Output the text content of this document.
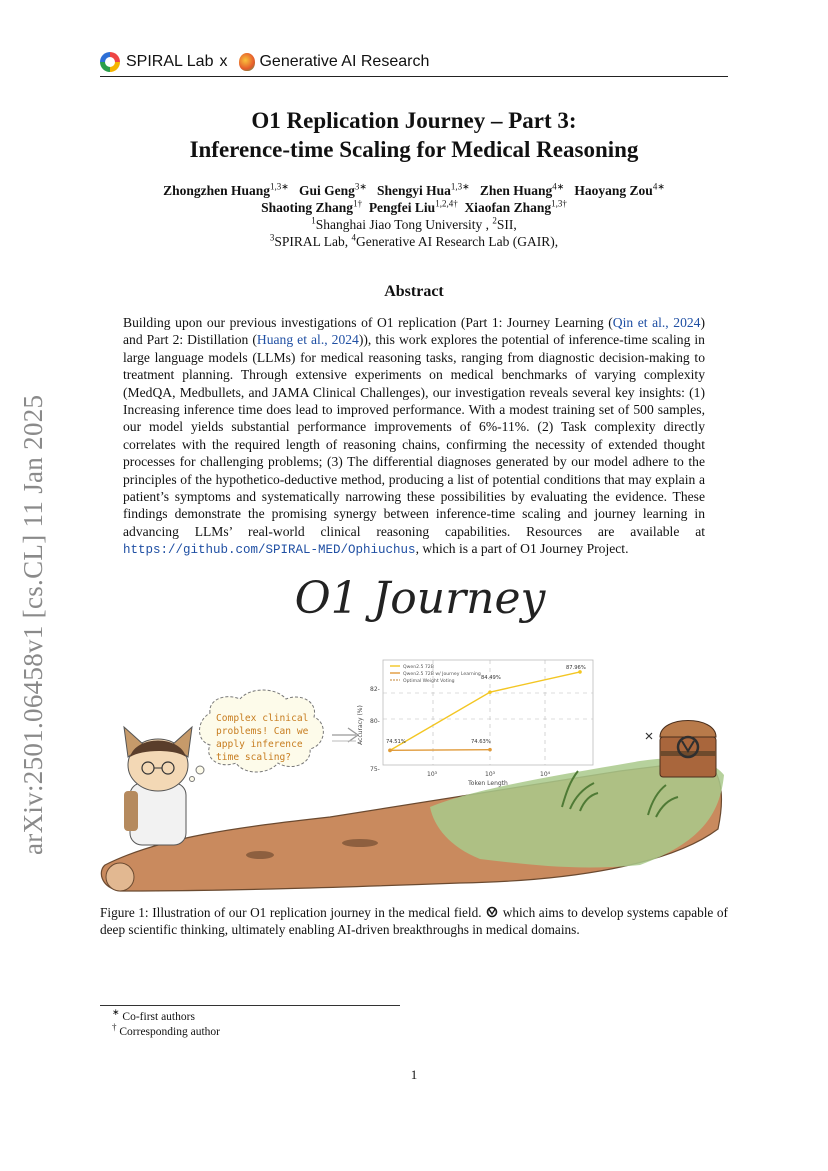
SPIRAL Lab x Generative AI Research
O1 Replication Journey – Part 3:
Inference-time Scaling for Medical Reasoning
Zhongzhen Huang$^{1,3∗}$ Gui Geng$^{3∗}$ Shengyi Hua$^{1,3∗}$ Zhen Huang$^{4∗}$ Haoyang Zou$^{4∗}$
Shaoting Zhang$^{1\dagger}$ Pengfei Liu$^{1,2,4\dagger}$ Xiaofan Zhang$^{1,3\dagger}$
$^1$Shanghai Jiao Tong University , $^2$SII,
$^3$SPIRAL Lab, $^4$Generative AI Research Lab (GAIR),
Abstract
Building upon our previous investigations of O1 replication (Part 1: Journey Learning (Qin et al., 2024) and Part 2: Distillation (Huang et al., 2024)), this work explores the potential of inference-time scaling in large language models (LLMs) for medical reasoning tasks, ranging from diagnostic decision-making to treatment planning. Through extensive experiments on medical benchmarks of varying complexity (MedQA, Medbullets, and JAMA Clinical Challenges), our investigation reveals several key insights: (1) Increasing inference time does lead to improved performance. With a modest training set of 500 samples, our model yields substantial performance improvements of 6%-11%. (2) Task complexity directly correlates with the required length of reasoning chains, confirming the necessity of extended thought processes for challenging problems; (3) The differential diagnoses generated by our model adhere to the principles of the hypothetico-deductive method, producing a list of potential conditions that may explain a patient’s symptoms and systematically narrowing these possibilities by evaluating the evidence. These findings demonstrate the promising synergy between inference-time scaling and journey learning in advancing LLMs’ real-world clinical reasoning capabilities. Resources are available at https://github.com/SPIRAL-MED/Ophiuchus, which is a part of O1 Journey Project.
arXiv:2501.06458v1 [cs.CL] 11 Jan 2025	O1 Journey
Complex clinical
problems! Can we
apply inference
time scaling?
75-
80-
82-
10³	10³	10⁴
Token Length
Accuracy (%)
Qwen2.5 72B
Qwen2.5 72B w/ Journey Learning
Optimal Weight Voting
74.51%	74.63%
84.49%
87.96%
Figure 1: Illustration of our O1 replication journey in the medical field.  which aims to develop systems capable of deep scientific thinking, ultimately enabling AI-driven breakthroughs in medical domains.
∗ Co-first authors
† Corresponding author
1
